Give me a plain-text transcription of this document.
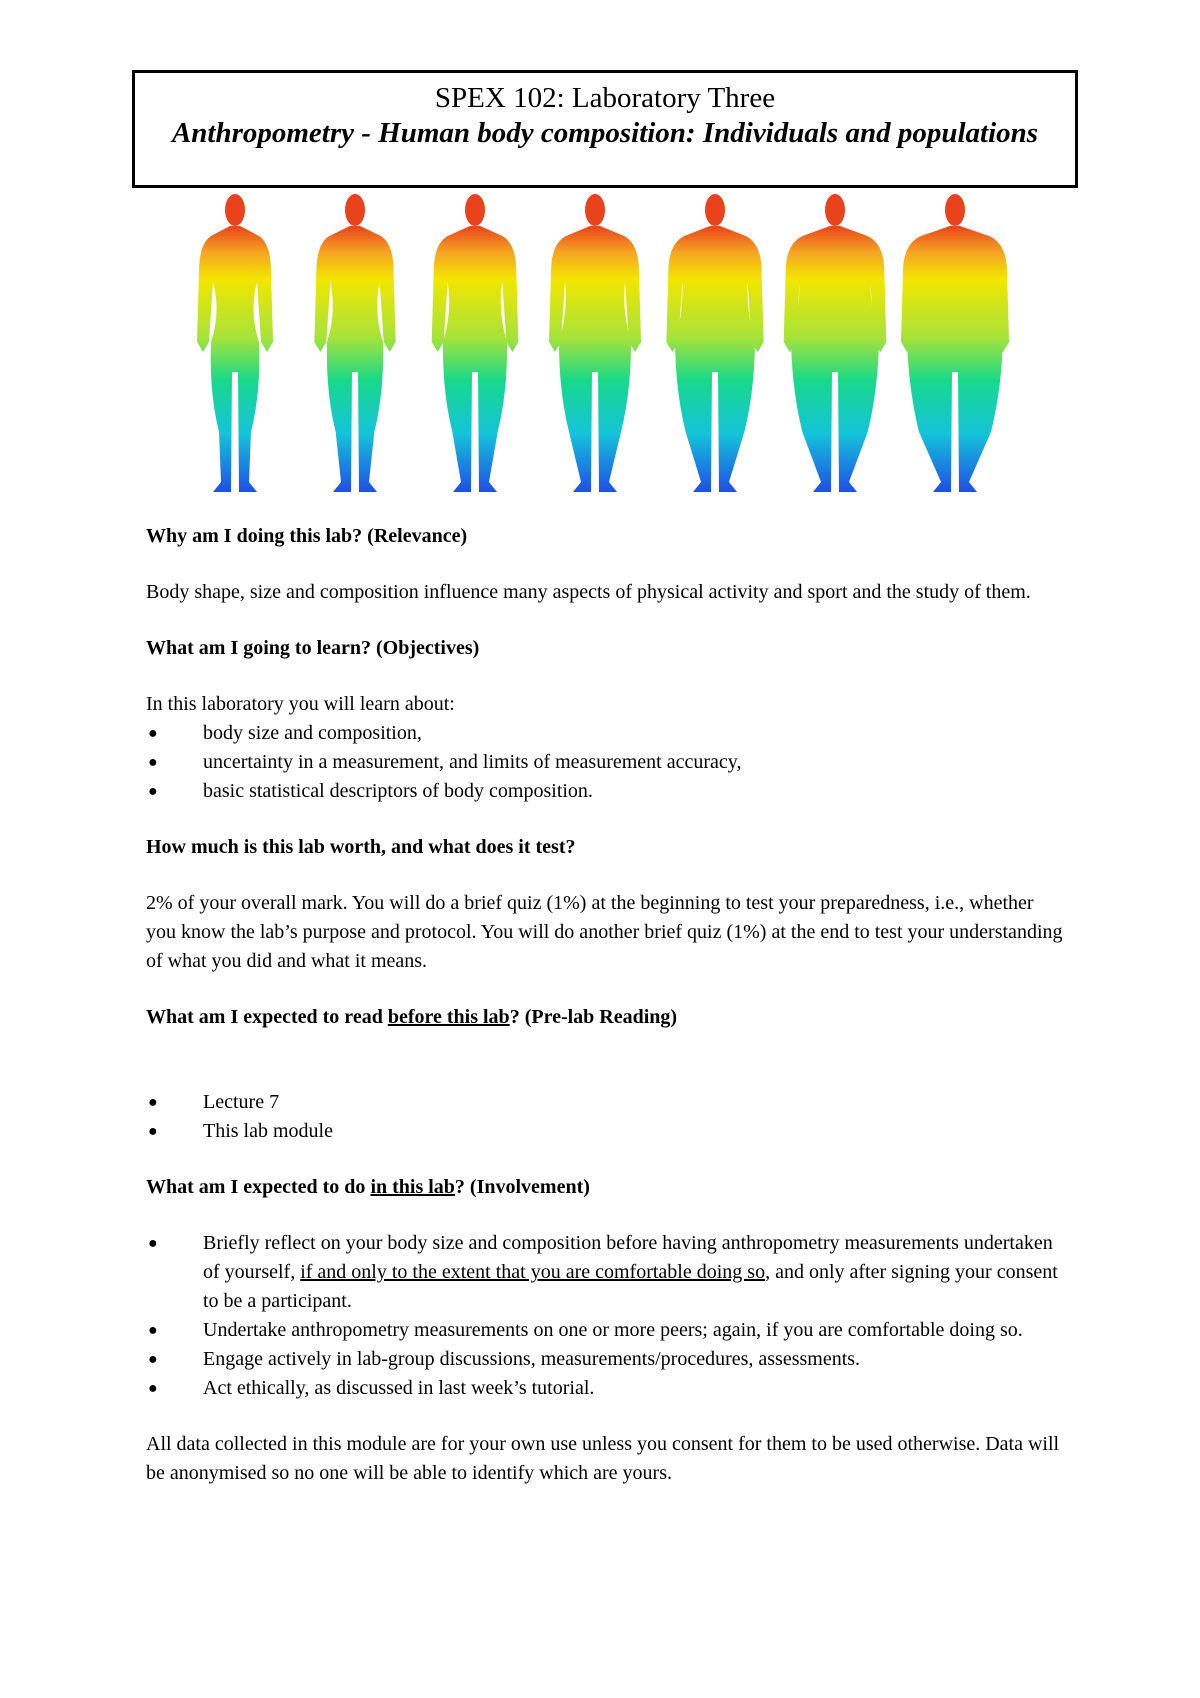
SPEX 102: Laboratory Three
Anthropometry - Human body composition: Individuals and populations
Why am I doing this lab? (Relevance)

Body shape, size and composition influence many aspects of physical activity and sport and the study of them.

What am I going to learn? (Objectives)

In this laboratory you will learn about:

● body size and composition,
● uncertainty in a measurement, and limits of measurement accuracy,
● basic statistical descriptors of body composition.
How much is this lab worth, and what does it test?

2% of your overall mark. You will do a brief quiz (1%) at the beginning to test your preparedness, i.e., whether you know the lab’s purpose and protocol. You will do another brief quiz (1%) at the end to test your understanding of what you did and what it means.

What am I expected to read before this lab? (Pre-lab Reading)
● Lecture 7
● This lab module
What am I expected to do in this lab? (Involvement)
● Briefly reflect on your body size and composition before having anthropometry measurements undertaken of yourself, if and only to the extent that you are comfortable doing so, and only after signing your consent to be a participant.
● Undertake anthropometry measurements on one or more peers; again, if you are comfortable doing so.
● Engage actively in lab-group discussions, measurements/procedures, assessments.
● Act ethically, as discussed in last week’s tutorial.

All data collected in this module are for your own use unless you consent for them to be used otherwise. Data will be anonymised so no one will be able to identify which are yours.
